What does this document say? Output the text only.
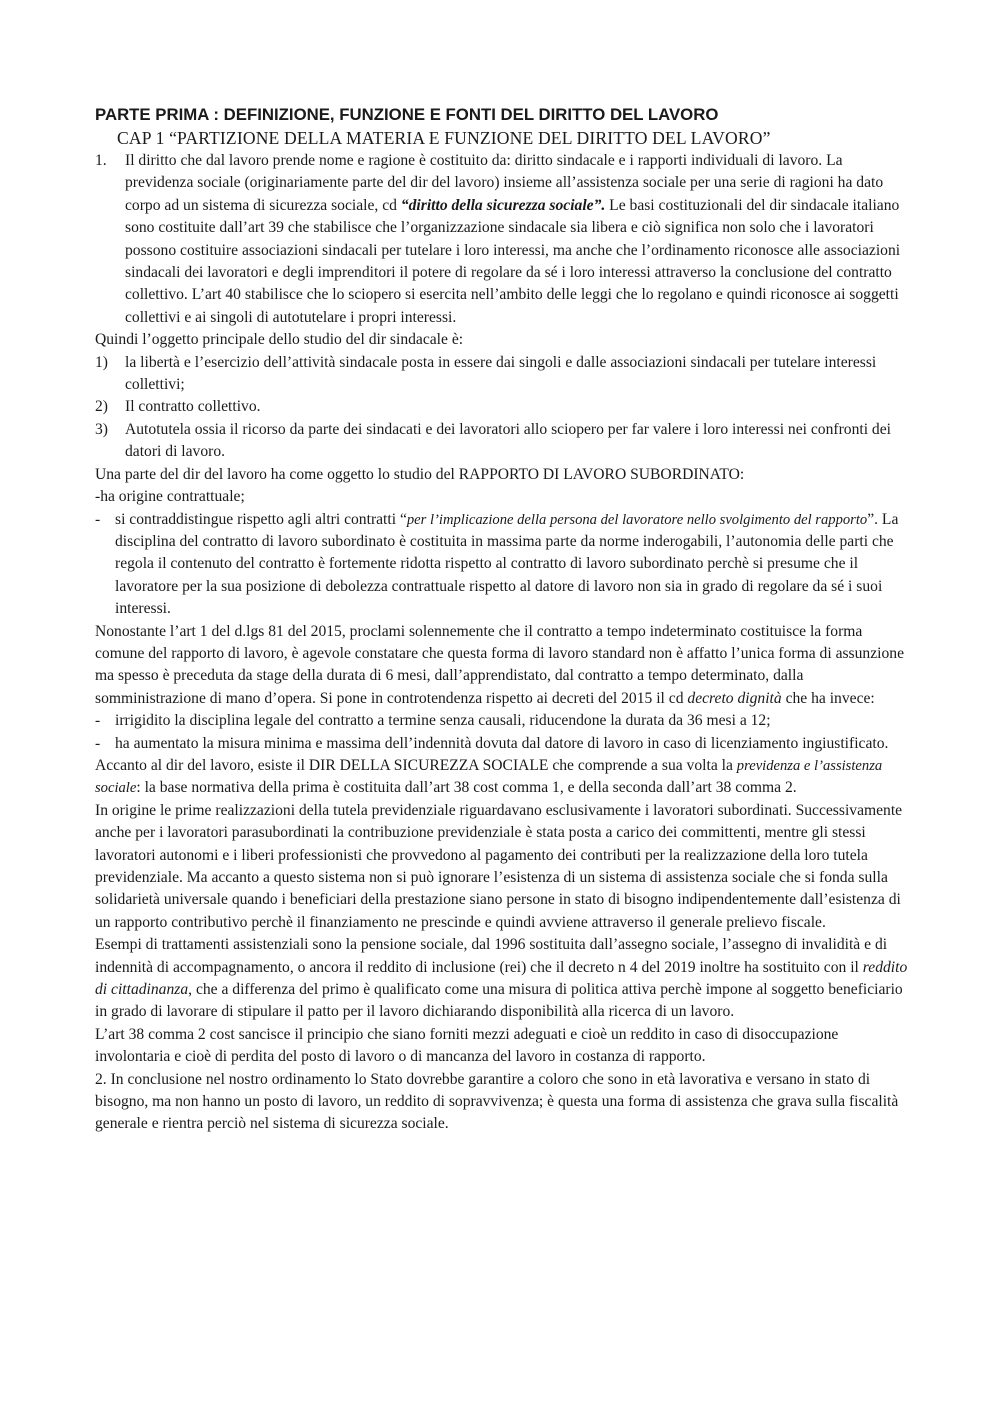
PARTE PRIMA : DEFINIZIONE, FUNZIONE E FONTI DEL DIRITTO DEL LAVORO

CAP 1 “PARTIZIONE DELLA MATERIA E FUNZIONE DEL DIRITTO DEL LAVORO”

1.	Il diritto che dal lavoro prende nome e ragione è costituito da: diritto sindacale e i rapporti individuali di lavoro. La previdenza sociale (originariamente parte del dir del lavoro) insieme all’assistenza sociale per una serie di ragioni ha dato corpo ad un sistema di sicurezza sociale, cd “diritto della sicurezza sociale”. Le basi costituzionali del dir sindacale italiano sono costituite dall’art 39 che stabilisce che l’organizzazione sindacale sia libera e ciò significa non solo che i lavoratori possono costituire associazioni sindacali per tutelare i loro interessi, ma anche che l’ordinamento riconosce alle associazioni sindacali dei lavoratori e degli imprenditori il potere di regolare da sé i loro interessi attraverso la conclusione del contratto collettivo. L’art 40 stabilisce che lo sciopero si esercita nell’ambito delle leggi che lo regolano e quindi riconosce ai soggetti collettivi e ai singoli di autotutelare i propri interessi.

Quindi l’oggetto principale dello studio del dir sindacale è:

1)	la libertà e l’esercizio dell’attività sindacale posta in essere dai singoli e dalle associazioni sindacali per tutelare interessi collettivi;

2)	Il contratto collettivo.

3)	Autotutela ossia il ricorso da parte dei sindacati e dei lavoratori allo sciopero per far valere i loro interessi nei confronti dei datori di lavoro.

Una parte del dir del lavoro ha come oggetto lo studio del RAPPORTO DI LAVORO SUBORDINATO:

-ha origine contrattuale;

- si contraddistingue rispetto agli altri contratti “per l’implicazione della persona del lavoratore nello svolgimento del rapporto”. La disciplina del contratto di lavoro subordinato è costituita in massima parte da norme inderogabili, l’autonomia delle parti che regola il contenuto del contratto è fortemente ridotta rispetto al contratto di lavoro subordinato perchè si presume che il lavoratore per la sua posizione di debolezza contrattuale rispetto al datore di lavoro non sia in grado di regolare da sé i suoi interessi.

Nonostante l’art 1 del d.lgs 81 del 2015, proclami solennemente che il contratto a tempo indeterminato costituisce la forma comune del rapporto di lavoro, è agevole constatare che questa forma di lavoro standard non è affatto l’unica forma di assunzione ma spesso è preceduta da stage della durata di 6 mesi, dall’apprendistato, dal contratto a tempo determinato, dalla somministrazione di mano d’opera. Si pone in controtendenza rispetto ai decreti del 2015 il cd decreto dignità che ha invece:

- irrigidito la disciplina legale del contratto a termine senza causali, riducendone la durata da 36 mesi a 12;

- ha aumentato la misura minima e massima dell’indennità dovuta dal datore di lavoro in caso di licenziamento ingiustificato.

Accanto al dir del lavoro, esiste il DIR DELLA SICUREZZA SOCIALE che comprende a sua volta la previdenza e l’assistenza sociale: la base normativa della prima è costituita dall’art 38 cost comma 1, e della seconda dall’art 38 comma 2.

In origine le prime realizzazioni della tutela previdenziale riguardavano esclusivamente i lavoratori subordinati. Successivamente anche per i lavoratori parasubordinati la contribuzione previdenziale è stata posta a carico dei committenti, mentre gli stessi lavoratori autonomi e i liberi professionisti che provvedono al pagamento dei contributi per la realizzazione della loro tutela previdenziale. Ma accanto a questo sistema non si può ignorare l’esistenza di un sistema di assistenza sociale che si fonda sulla solidarietà universale quando i beneficiari della prestazione siano persone in stato di bisogno indipendentemente dall’esistenza di un rapporto contributivo perchè il finanziamento ne prescinde e quindi avviene attraverso il generale prelievo fiscale.

Esempi di trattamenti assistenziali sono la pensione sociale, dal 1996 sostituita dall’assegno sociale, l’assegno di invalidità e di indennità di accompagnamento, o ancora il reddito di inclusione (rei) che il decreto n 4 del 2019 inoltre ha sostituito con il reddito di cittadinanza, che a differenza del primo è qualificato come una misura di politica attiva perchè impone al soggetto beneficiario in grado di lavorare di stipulare il patto per il lavoro dichiarando disponibilità alla ricerca di un lavoro.

L’art 38 comma 2 cost sancisce il principio che siano forniti mezzi adeguati e cioè un reddito in caso di disoccupazione involontaria e cioè di perdita del posto di lavoro o di mancanza del lavoro in costanza di rapporto.

2. In conclusione nel nostro ordinamento lo Stato dovrebbe garantire a coloro che sono in età lavorativa e versano in stato di bisogno, ma non hanno un posto di lavoro, un reddito di sopravvivenza; è questa una forma di assistenza che grava sulla fiscalità generale e rientra perciò nel sistema di sicurezza sociale.
